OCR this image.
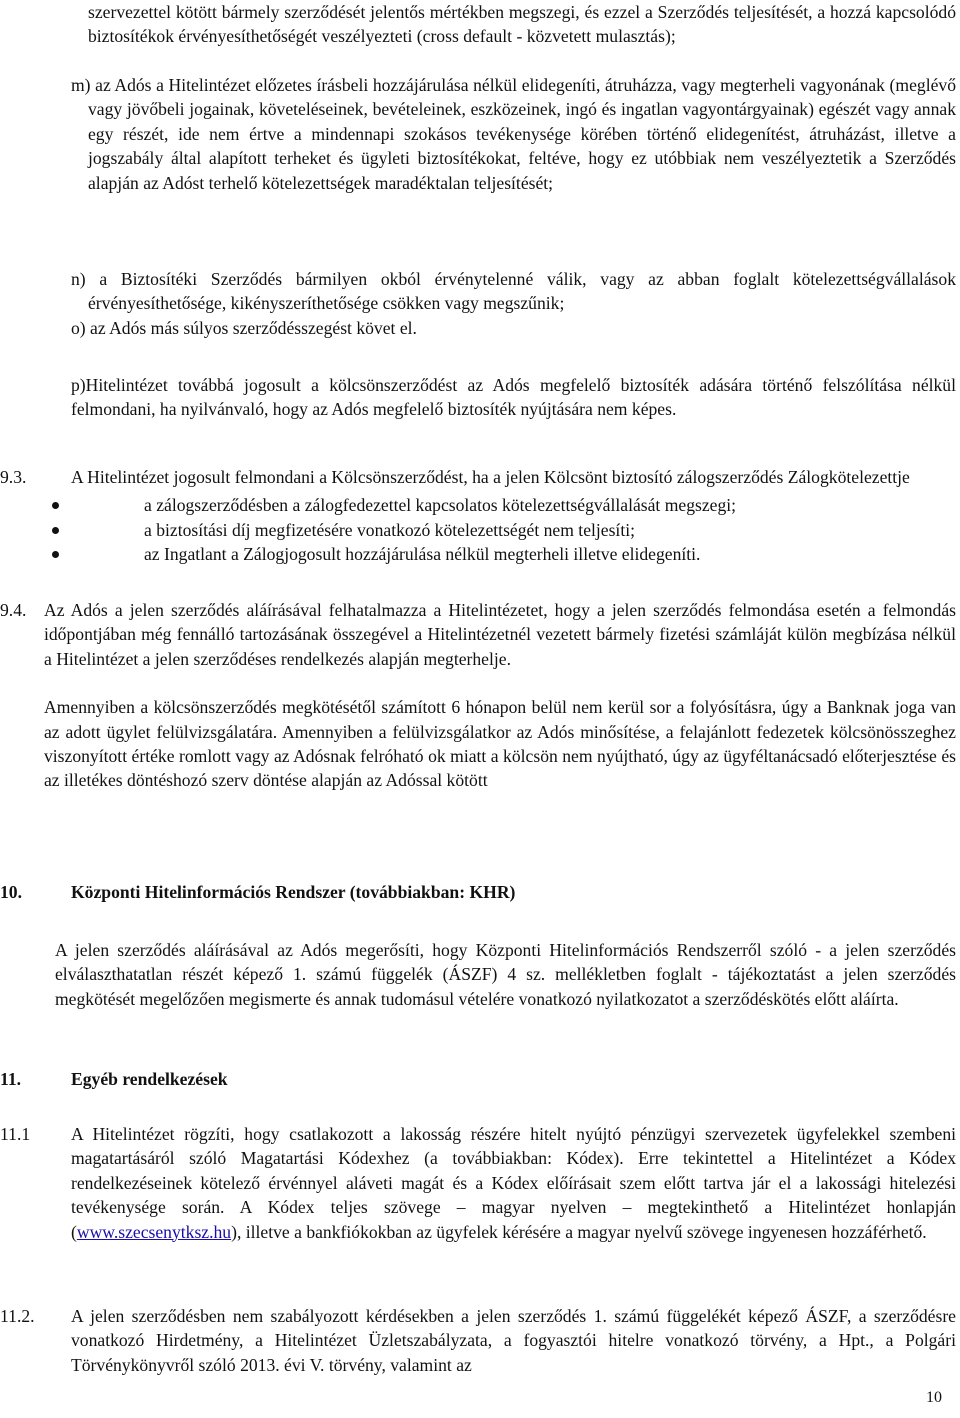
szervezettel kötött bármely szerződését jelentős mértékben megszegi, és ezzel a Szerződés teljesítését, a hozzá kapcsolódó biztosítékok érvényesíthetőségét veszélyezteti (cross default - közvetett mulasztás);

m) az Adós a Hitelintézet előzetes írásbeli hozzájárulása nélkül elidegeníti, átruházza, vagy megterheli vagyonának (meglévő vagy jövőbeli jogainak, követeléseinek, bevételeinek, eszközeinek, ingó és ingatlan vagyontárgyainak) egészét vagy annak egy részét, ide nem értve a mindennapi szokásos tevékenysége körében történő elidegenítést, átruházást, illetve a jogszabály által alapított terheket és ügyleti biztosítékokat, feltéve, hogy ez utóbbiak nem veszélyeztetik a Szerződés alapján az Adóst terhelő kötelezettségek maradéktalan teljesítését;

n) a Biztosítéki Szerződés bármilyen okból érvénytelenné válik, vagy az abban foglalt kötelezettségvállalások érvényesíthetősége, kikényszeríthetősége csökken vagy megszűnik;

o) az Adós más súlyos szerződésszegést követ el.

p)Hitelintézet továbbá jogosult a kölcsönszerződést az Adós megfelelő biztosíték adására történő felszólítása nélkül felmondani, ha nyilvánvaló, hogy az Adós megfelelő biztosíték nyújtására nem képes.

9.3.	A Hitelintézet jogosult felmondani a Kölcsönszerződést, ha a jelen Kölcsönt biztosító zálogszerződés Zálogkötelezettje

a zálogszerződésben a zálogfedezettel kapcsolatos kötelezettségvállalását megszegi;
a biztosítási díj megfizetésére vonatkozó kötelezettségét nem teljesíti;
az Ingatlant a Zálogjogosult hozzájárulása nélkül megterheli illetve elidegeníti.
9.4. Az Adós a jelen szerződés aláírásával felhatalmazza a Hitelintézetet, hogy a jelen szerződés felmondása esetén a felmondás időpontjában még fennálló tartozásának összegével a Hitelintézetnél vezetett bármely fizetési számláját külön megbízása nélkül a Hitelintézet a jelen szerződéses rendelkezés alapján megterhelje.

Amennyiben a kölcsönszerződés megkötésétől számított 6 hónapon belül nem kerül sor a folyósításra, úgy a Banknak joga van az adott ügylet felülvizsgálatára. Amennyiben a felülvizsgálatkor az Adós minősítése, a felajánlott fedezetek kölcsönösszeghez viszonyított értéke romlott vagy az Adósnak felróható ok miatt a kölcsön nem nyújtható, úgy az ügyféltanácsadó előterjesztése és az illetékes döntéshozó szerv döntése alapján az Adóssal kötött

10.	Központi Hitelinformációs Rendszer (továbbiakban: KHR)

A jelen szerződés aláírásával az Adós megerősíti, hogy Központi Hitelinformációs Rendszerről szóló - a jelen szerződés elválaszthatatlan részét képező 1. számú függelék (ÁSZF) 4 sz. mellékletben foglalt - tájékoztatást a jelen szerződés megkötését megelőzően megismerte és annak tudomásul vételére vonatkozó nyilatkozatot a szerződéskötés előtt aláírta.

11.	Egyéb rendelkezések
11.1 A Hitelintézet rögzíti, hogy csatlakozott a lakosság részére hitelt nyújtó pénzügyi szervezetek ügyfelekkel szembeni magatartásáról szóló Magatartási Kódexhez (a továbbiakban: Kódex). Erre tekintettel a Hitelintézet a Kódex rendelkezéseinek kötelező érvénnyel aláveti magát és a Kódex előírásait szem előtt tartva jár el a lakossági hitelezési tevékenysége során. A Kódex teljes szövege – magyar nyelven – megtekinthető a Hitelintézet honlapján (www.szecsenytksz.hu), illetve a bankfiókokban az ügyfelek kérésére a magyar nyelvű szövege ingyenesen hozzáférhető.

11.2. A jelen szerződésben nem szabályozott kérdésekben a jelen szerződés 1. számú függelékét képező ÁSZF, a szerződésre vonatkozó Hirdetmény, a Hitelintézet Üzletszabályzata, a fogyasztói hitelre vonatkozó törvény, a Hpt., a Polgári Törvénykönyvről szóló 2013. évi V. törvény, valamint az

10
